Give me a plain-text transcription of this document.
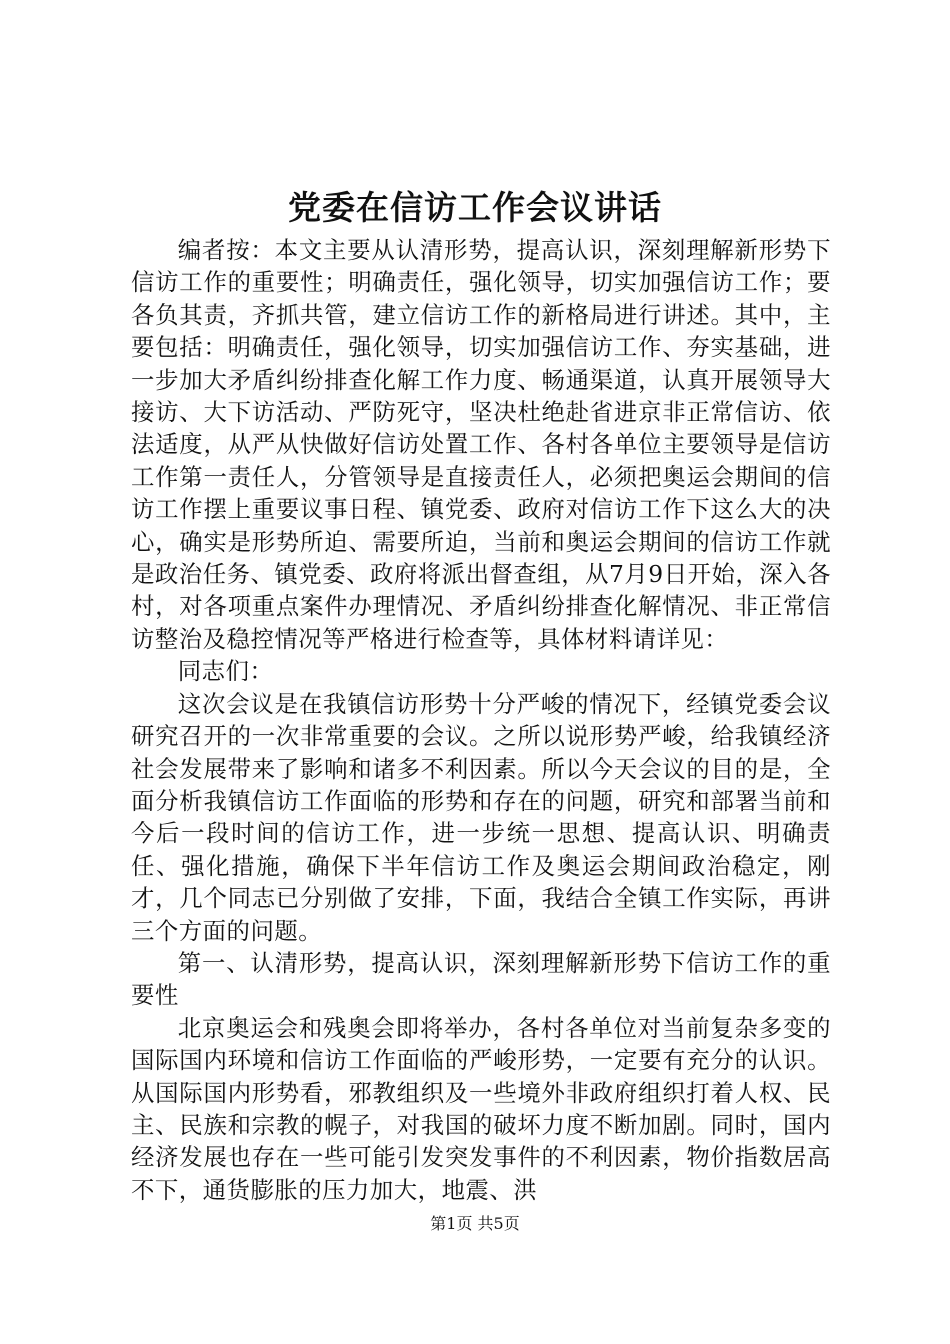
党委在信访工作会议讲话

编者按：本文主要从认清形势，提高认识，深刻理解新形势下信访工作的重要性；明确责任，强化领导，切实加强信访工作；要各负其责，齐抓共管，建立信访工作的新格局进行讲述。其中，主要包括：明确责任，强化领导，切实加强信访工作、夯实基础，进一步加大矛盾纠纷排查化解工作力度、畅通渠道，认真开展领导大接访、大下访活动、严防死守，坚决杜绝赴省进京非正常信访、依法适度，从严从快做好信访处置工作、各村各单位主要领导是信访工作第一责任人，分管领导是直接责任人，必须把奥运会期间的信访工作摆上重要议事日程、镇党委、政府对信访工作下这么大的决心，确实是形势所迫、需要所迫，当前和奥运会期间的信访工作就是政治任务、镇党委、政府将派出督查组，从7月9日开始，深入各村，对各项重点案件办理情况、矛盾纠纷排查化解情况、非正常信访整治及稳控情况等严格进行检查等，具体材料请详见：

同志们：

这次会议是在我镇信访形势十分严峻的情况下，经镇党委会议研究召开的一次非常重要的会议。之所以说形势严峻，给我镇经济社会发展带来了影响和诸多不利因素。所以今天会议的目的是，全面分析我镇信访工作面临的形势和存在的问题，研究和部署当前和今后一段时间的信访工作，进一步统一思想、提高认识、明确责任、强化措施，确保下半年信访工作及奥运会期间政治稳定，刚才，几个同志已分别做了安排，下面，我结合全镇工作实际，再讲三个方面的问题。

第一、认清形势，提高认识，深刻理解新形势下信访工作的重要性

北京奥运会和残奥会即将举办，各村各单位对当前复杂多变的国际国内环境和信访工作面临的严峻形势，一定要有充分的认识。从国际国内形势看，邪教组织及一些境外非政府组织打着人权、民主、民族和宗教的幌子，对我国的破坏力度不断加剧。同时，国内经济发展也存在一些可能引发突发事件的不利因素，物价指数居高不下，通货膨胀的压力加大，地震、洪

第1页 共5页
